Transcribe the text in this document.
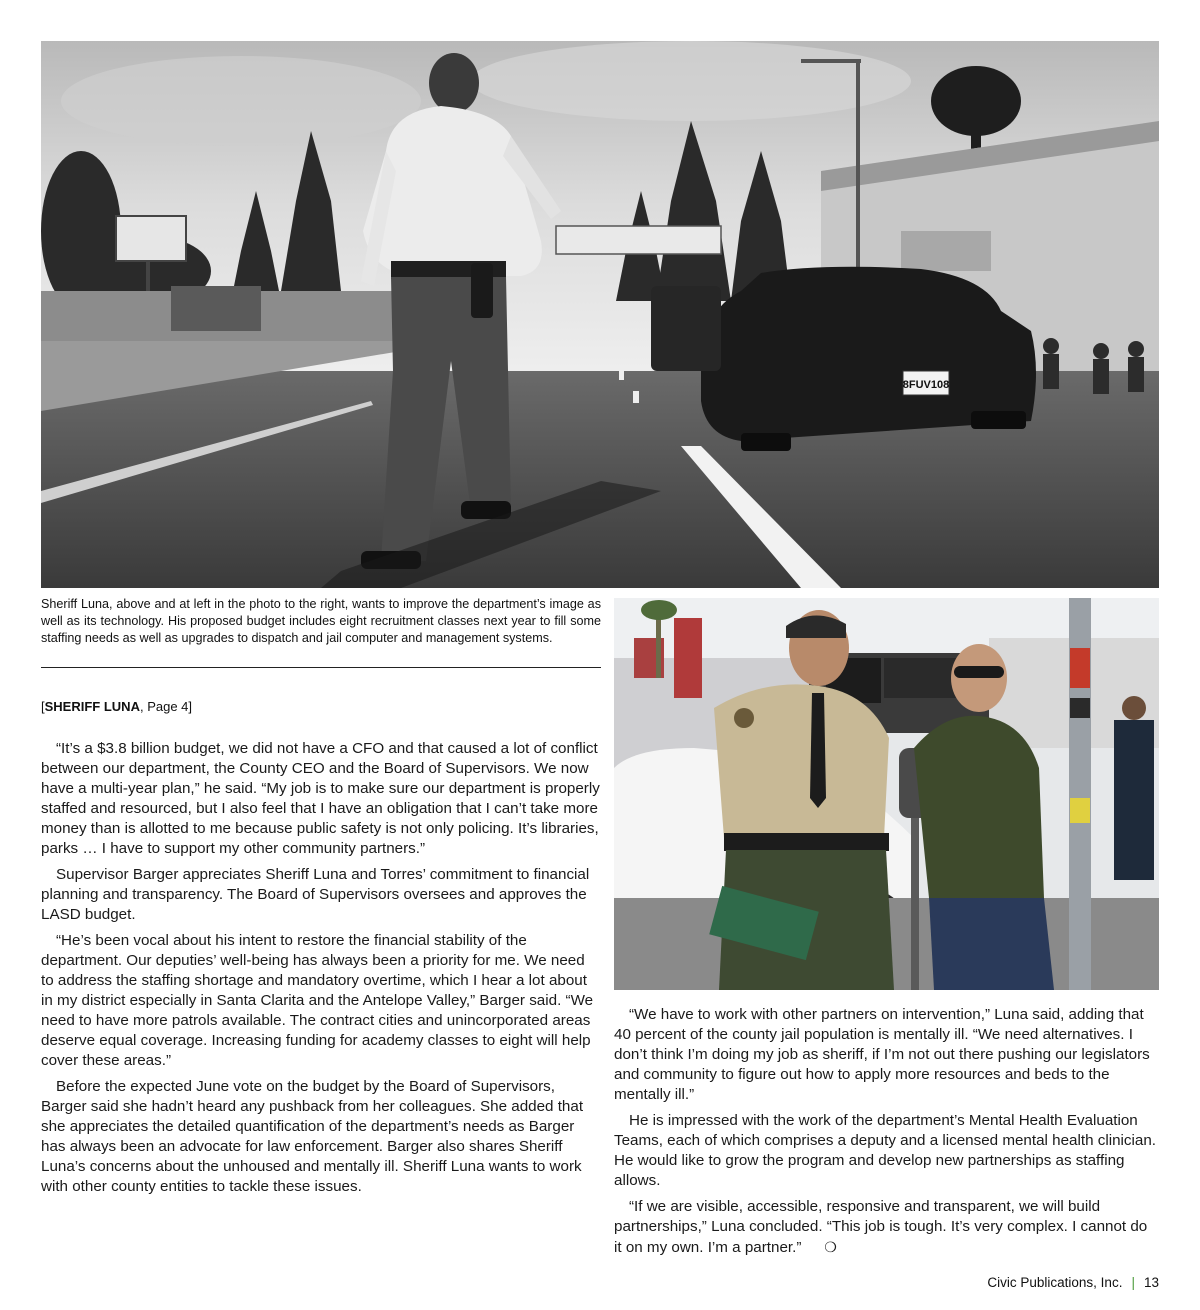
8FUV108
Sheriff Luna, above and at left in the photo to the right, wants to improve the department’s image as well as its technology. His proposed budget includes eight recruitment classes next year to fill some staffing needs as well as upgrades to dispatch and jail computer and management systems.
[SHERIFF LUNA, Page 4]

“It’s a $3.8 billion budget, we did not have a CFO and that caused a lot of conflict between our department, the County CEO and the Board of Supervisors. We now have a multi-year plan,” he said. “My job is to make sure our department is properly staffed and resourced, but I also feel that I have an obligation that I can’t take more money than is allotted to me because public safety is not only policing. It’s libraries, parks … I have to support my other community partners.”

Supervisor Barger appreciates Sheriff Luna and Torres’ commitment to financial planning and transparency. The Board of Supervisors oversees and approves the LASD budget.

“He’s been vocal about his intent to restore the financial stability of the department. Our deputies’ well-being has always been a priority for me. We need to address the staffing shortage and mandatory overtime, which I hear a lot about in my district especially in Santa Clarita and the Antelope Valley,” Barger said. “We need to have more patrols available. The contract cities and unincorporated areas deserve equal coverage. Increasing funding for academy classes to eight will help cover these areas.”

Before the expected June vote on the budget by the Board of Supervisors, Barger said she hadn’t heard any pushback from her colleagues. She added that she appreciates the detailed quantification of the department’s needs as Barger has always been an advocate for law enforcement. Barger also shares Sheriff Luna’s concerns about the unhoused and mentally ill. Sheriff Luna wants to work with other county entities to tackle these issues.

“We have to work with other partners on intervention,” Luna said, adding that 40 percent of the county jail population is mentally ill. “We need alternatives. I don’t think I’m doing my job as sheriff, if I’m not out there pushing our legislators and community to figure out how to apply more resources and beds to the mentally ill.”

He is impressed with the work of the department’s Mental Health Evaluation Teams, each of which comprises a deputy and a licensed mental health clinician. He would like to grow the program and develop new partnerships as staffing allows.

“If we are visible, accessible, responsive and transparent, we will build partnerships,” Luna concluded. “This job is tough. It’s very complex. I cannot do it on my own. I’m a partner.” ❍

Civic Publications, Inc. | 13
